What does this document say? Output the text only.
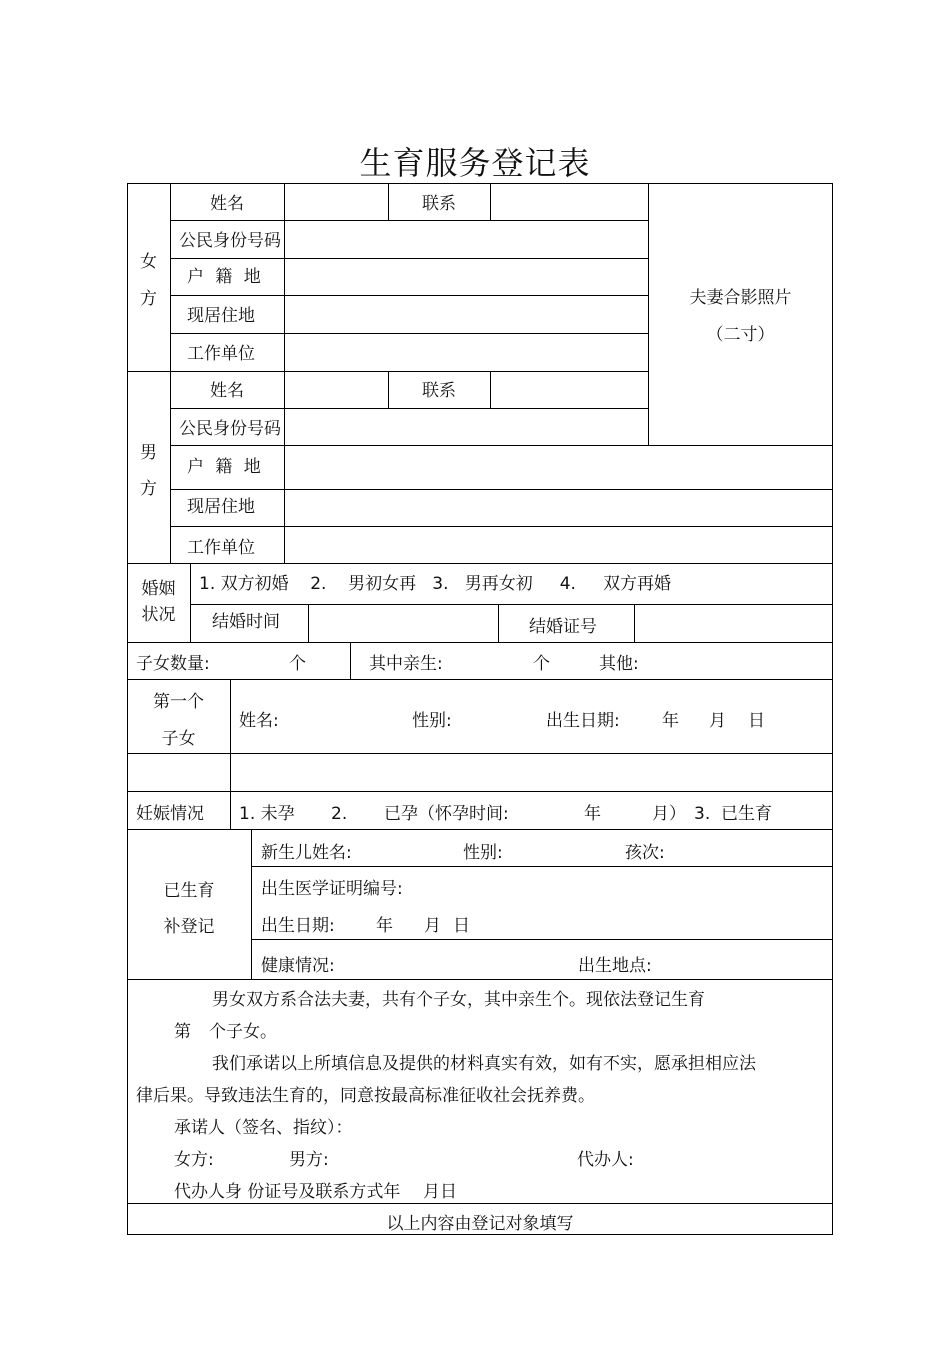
生育服务登记表
女
方
姓名	联系
公民身份号码
户 籍 地
现居住地
工作单位
夫妻合影照片
（二寸）
男
方
姓名	联系
公民身份号码
户 籍 地
现居住地
工作单位
婚姻
状况
1. 双方初婚    2.    男初女再   3.   男再女初     4.     双方再婚
结婚时间	结婚证号
子女数量:	个	其中亲生:	个	其他:
第一个
子女
姓名:	性别:	出生日期: 年 月 日
妊娠情况 1. 未孕 2. 已孕（怀孕时间:	年	月） 3.  已生育
已生育
补登记
新生儿姓名:	性别:	孩次:
出生医学证明编号:
出生日期: 年 月 日
健康情况:	出生地点:
男女双方系合法夫妻，共有个子女，其中亲生个。现依法登记生育
第 个子女。
我们承诺以上所填信息及提供的材料真实有效，如有不实，愿承担相应法
律后果。导致违法生育的，同意按最高标准征收社会抚养费。
承诺人（签名、指纹）：
女方:	男方:	代办人:
代办人身 份证号及联系方式年 月日
以上内容由登记对象填写
